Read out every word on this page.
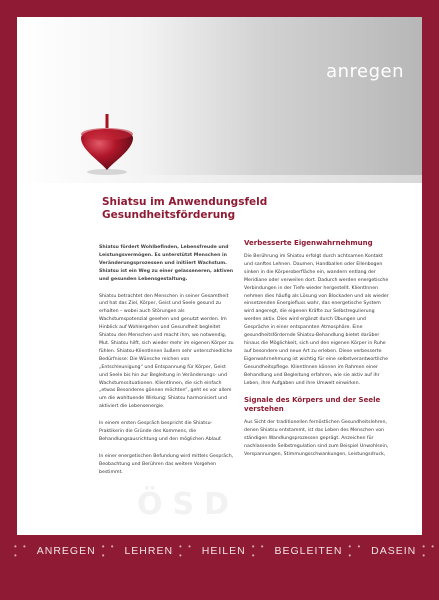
anregen
Shiatsu im Anwendungsfeld
Gesundheitsförderung

Shiatsu fördert Wohlbefinden, Lebensfreude und Leistungsvermögen. Es unterstützt Menschen in Veränderungsprozessen und initiiert Wachstum. Shiatsu ist ein Weg zu einer gelasseneren, aktiven und gesunden Lebensgestaltung.

Shiatsu betrachtet den Menschen in seiner Gesamtheit und hat das Ziel, Körper, Geist und Seele gesund zu erhalten – wobei auch Störungen als Wachstumspotenzial gesehen und genutzt werden. Im Hinblick auf Wohlergehen und Gesundheit begleitet Shiatsu den Menschen und macht ihm, wo notwendig, Mut. Shiatsu hilft, sich wieder mehr im eigenen Körper zu fühlen. Shiatsu-KlientInnen äußern sehr unterschiedliche Bedürfnisse: Die Wünsche reichen von „Entschleunigung“ und Entspannung für Körper, Geist und Seele bis hin zur Begleitung in Veränderungs- und Wachstumssituationen. KlientInnen, die sich einfach „etwas Besonderes gönnen möchten“, geht es vor allem um die wohltuende Wirkung: Shiatsu harmonisiert und aktiviert die Lebensenergie.

In einem ersten Gespräch bespricht die Shiatsu-Praktikerin die Gründe des Kommens, die Behandlungsausrichtung und den möglichen Ablauf.

In einer energetischen Befundung wird mittels Gespräch, Beobachtung und Berühren das weitere Vorgehen bestimmt.

Verbesserte Eigenwahrnehmung

Die Berührung im Shiatsu erfolgt durch achtsamen Kontakt und sanftes Lehnen. Daumen, Handballen oder Ellenbogen sinken in die Körperoberfläche ein, wandern entlang der Meridiane oder verweilen dort. Dadurch werden energetische Verbindungen in der Tiefe wieder hergestellt. KlientInnen nehmen dies häufig als Lösung von Blockaden und als wieder einsetzenden Energiefluss wahr, das energetische System wird angeregt, die eigenen Kräfte zur Selbstregulierung werden aktiv. Dies wird ergänzt durch Übungen und Gespräche in einer entspannten Atmosphäre. Eine gesundheitsfördernde Shiatsu-Behandlung bietet darüber hinaus die Möglichkeit, sich und den eigenen Körper in Ruhe auf besondere und neue Art zu erleben. Diese verbesserte Eigenwahrnehmung ist wichtig für eine selbstverantwortliche Gesundheitspflege. KlientInnen können im Rahmen einer Behandlung und Begleitung erfahren, wie sie aktiv auf ihr Leben, ihre Aufgaben und ihre Umwelt einwirken.

Signale des Körpers und der Seele verstehen

Aus Sicht der traditionellen fernöstlichen Gesundheitslehren, denen Shiatsu entstammt, ist das Leben des Menschen von ständigen Wandlungsprozessen geprägt. Anzeichen für nachlassende Selbstregulation sind zum Beispiel Unwohlsein, Verspannungen, Stimmungsschwankungen, Leistungsdruck,

ÖSD
• • •	ANREGEN • • •	LEHREN • • •	HEILEN • • •	BEGLEITEN • • •	DASEIN • • •
